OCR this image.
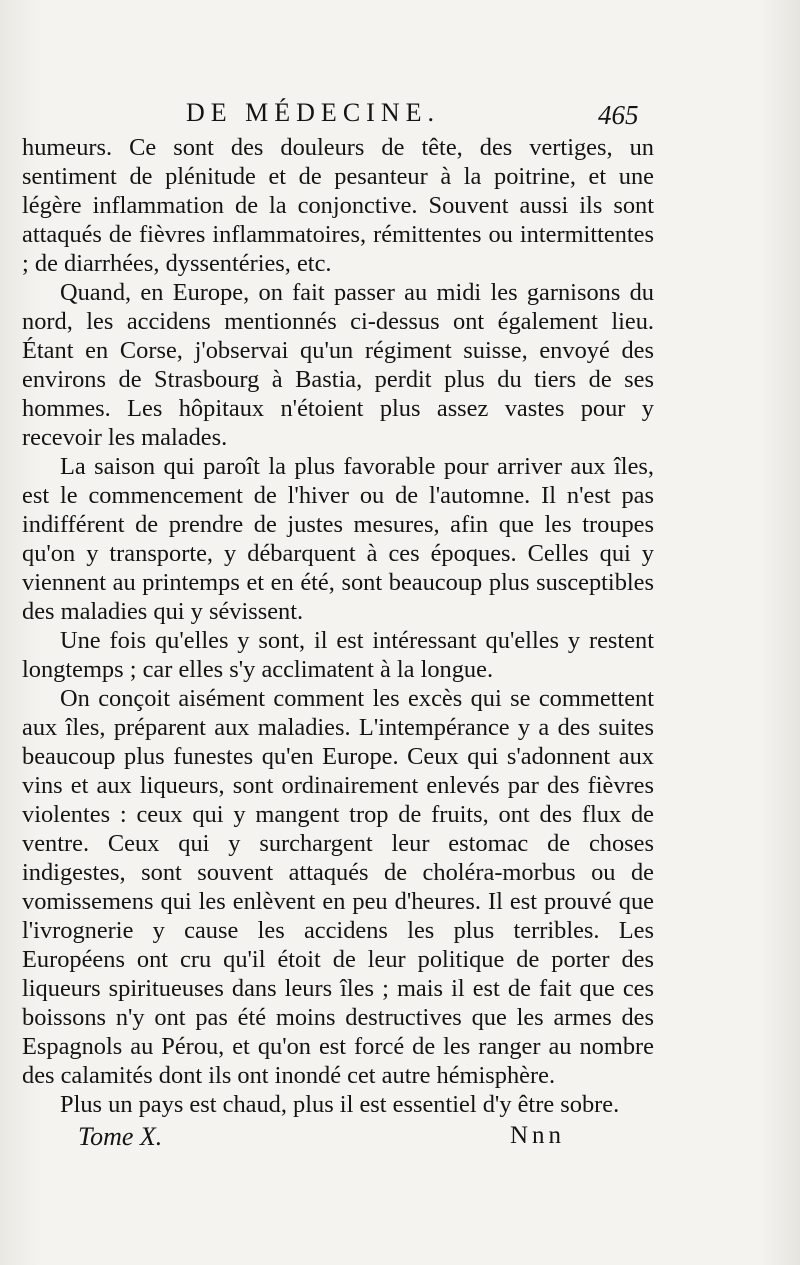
DE MÉDECINE.	465

humeurs. Ce sont des douleurs de tête, des vertiges, un sentiment de plénitude et de pesanteur à la poitrine, et une légère inflammation de la conjonctive. Souvent aussi ils sont attaqués de fièvres inflammatoires, rémittentes ou intermittentes ; de diarrhées, dyssentéries, etc.

Quand, en Europe, on fait passer au midi les garnisons du nord, les accidens mentionnés ci-dessus ont également lieu. Étant en Corse, j'observai qu'un régiment suisse, envoyé des environs de Strasbourg à Bastia, perdit plus du tiers de ses hommes. Les hôpitaux n'étoient plus assez vastes pour y recevoir les malades.

La saison qui paroît la plus favorable pour arriver aux îles, est le commencement de l'hiver ou de l'automne. Il n'est pas indifférent de prendre de justes mesures, afin que les troupes qu'on y transporte, y débarquent à ces époques. Celles qui y viennent au printemps et en été, sont beaucoup plus susceptibles des maladies qui y sévissent.

Une fois qu'elles y sont, il est intéressant qu'elles y restent longtemps ; car elles s'y acclimatent à la longue.

On conçoit aisément comment les excès qui se commettent aux îles, préparent aux maladies. L'intempérance y a des suites beaucoup plus funestes qu'en Europe. Ceux qui s'adonnent aux vins et aux liqueurs, sont ordinairement enlevés par des fièvres violentes : ceux qui y mangent trop de fruits, ont des flux de ventre. Ceux qui y surchargent leur estomac de choses indigestes, sont souvent attaqués de choléra-morbus ou de vomissemens qui les enlèvent en peu d'heures. Il est prouvé que l'ivrognerie y cause les accidens les plus terribles. Les Européens ont cru qu'il étoit de leur politique de porter des liqueurs spiritueuses dans leurs îles ; mais il est de fait que ces boissons n'y ont pas été moins destructives que les armes des Espagnols au Pérou, et qu'on est forcé de les ranger au nombre des calamités dont ils ont inondé cet autre hémisphère.

Plus un pays est chaud, plus il est essentiel d'y être sobre.

Tome X.	Nnn
